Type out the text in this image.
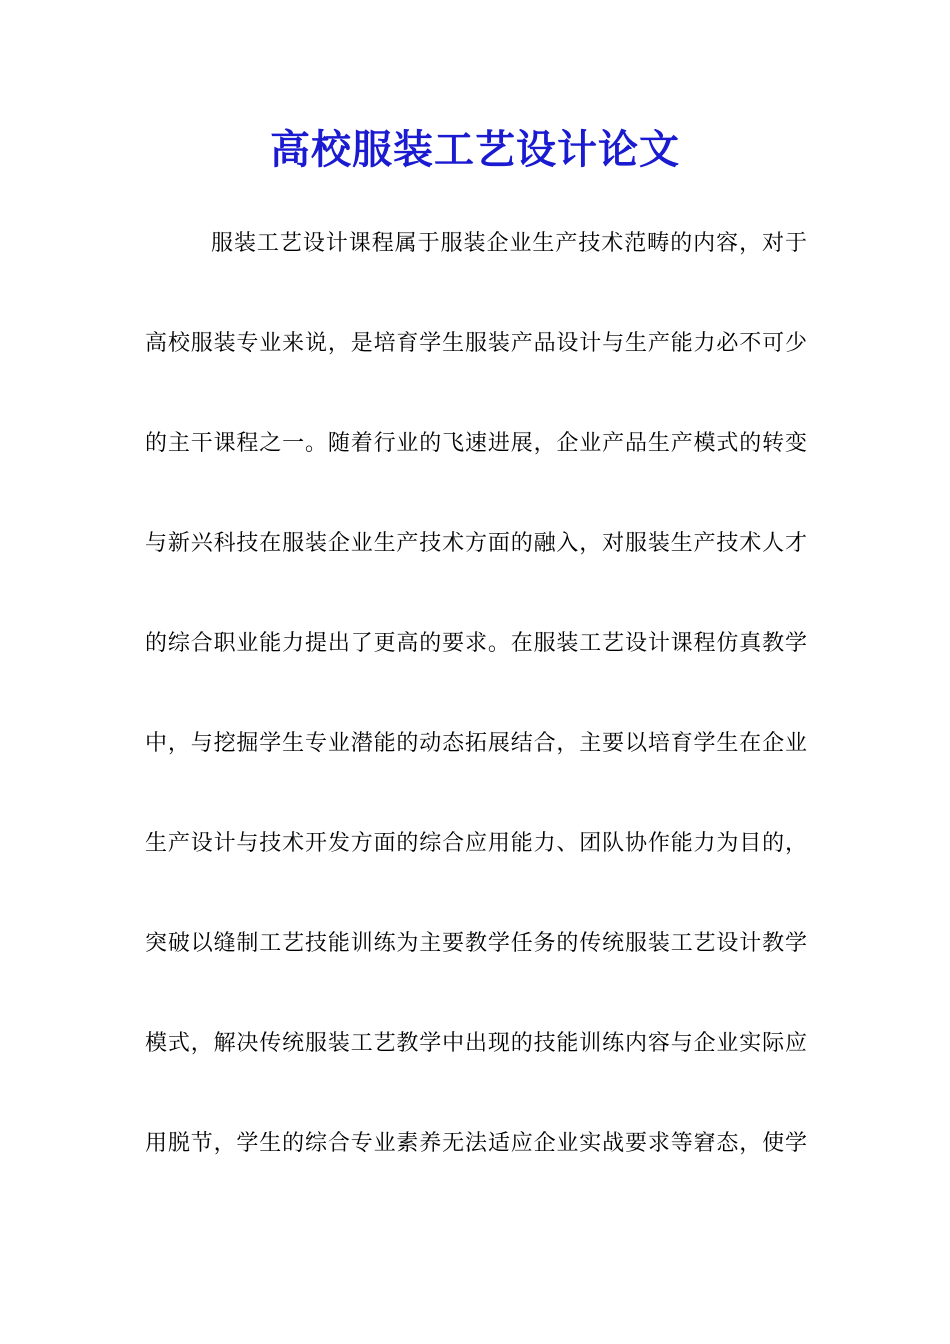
高校服装工艺设计论文
服装工艺设计课程属于服装企业生产技术范畴的内容，对于
高校服装专业来说，是培育学生服装产品设计与生产能力必不可少
的主干课程之一。随着行业的飞速进展，企业产品生产模式的转变
与新兴科技在服装企业生产技术方面的融入，对服装生产技术人才
的综合职业能力提出了更高的要求。在服装工艺设计课程仿真教学
中，与挖掘学生专业潜能的动态拓展结合，主要以培育学生在企业
生产设计与技术开发方面的综合应用能力、团队协作能力为目的，
突破以缝制工艺技能训练为主要教学任务的传统服装工艺设计教学
模式，解决传统服装工艺教学中出现的技能训练内容与企业实际应
用脱节，学生的综合专业素养无法适应企业实战要求等窘态，使学
